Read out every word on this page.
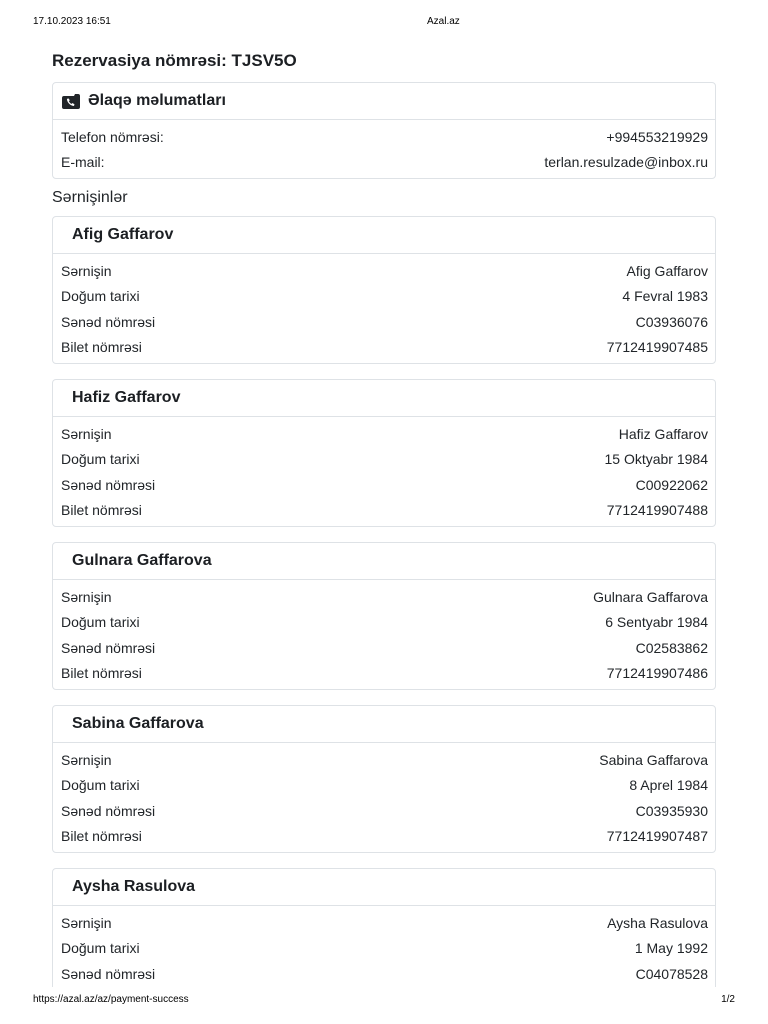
17.10.2023 16:51	Azal.az
https://azal.az/az/payment-success	1/2
Rezervasiya nömrəsi: TJSV5O
Əlaqə məlumatları
Telefon nömrəsi:	+994553219929
E-mail:	terlan.resulzade@inbox.ru
Sərnişinlər
Afig Gaffarov
Sərnişin	Afig Gaffarov
Doğum tarixi	4 Fevral 1983
Sənəd nömrəsi	C03936076
Bilet nömrəsi	7712419907485
Hafiz Gaffarov
Sərnişin	Hafiz Gaffarov
Doğum tarixi	15 Oktyabr 1984
Sənəd nömrəsi	C00922062
Bilet nömrəsi	7712419907488
Gulnara Gaffarova
Sərnişin	Gulnara Gaffarova
Doğum tarixi	6 Sentyabr 1984
Sənəd nömrəsi	C02583862
Bilet nömrəsi	7712419907486
Sabina Gaffarova
Sərnişin	Sabina Gaffarova
Doğum tarixi	8 Aprel 1984
Sənəd nömrəsi	C03935930
Bilet nömrəsi	7712419907487
Aysha Rasulova
Sərnişin	Aysha Rasulova
Doğum tarixi	1 May 1992
Sənəd nömrəsi	C04078528
